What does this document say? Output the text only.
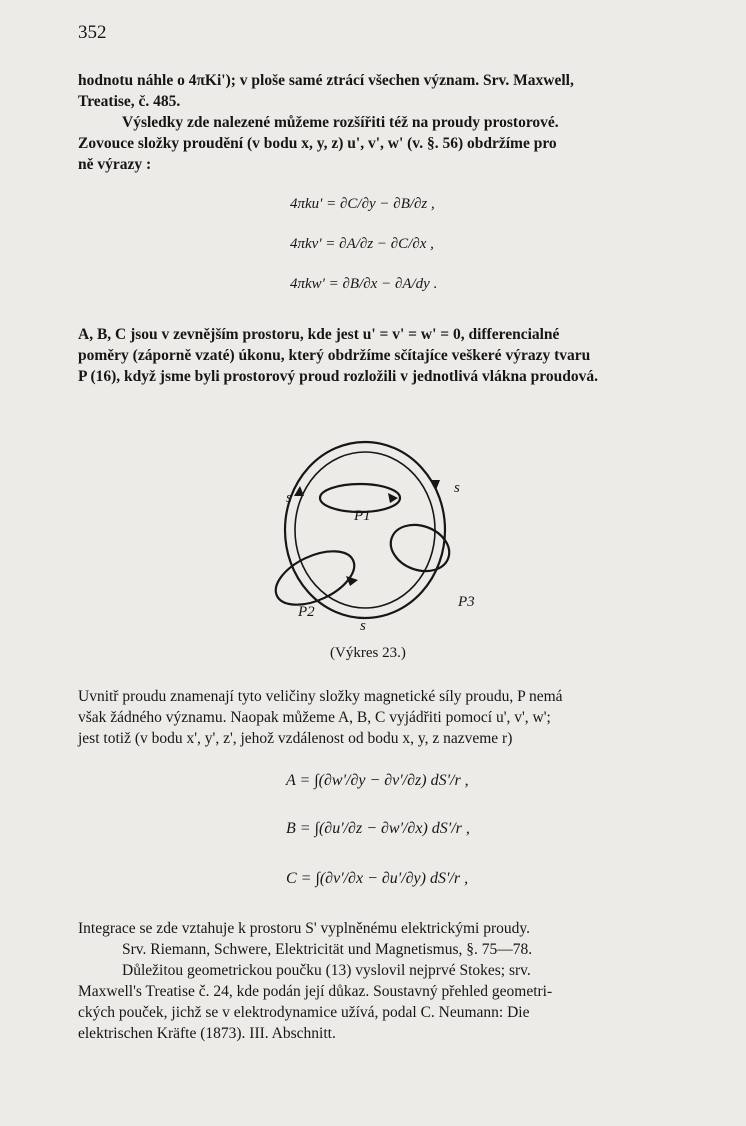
352
hodnotu náhle o 4πKi'); v ploše samé ztrácí všechen význam. Srv. Maxwell,
Treatise, č. 485.
Výsledky zde nalezené můžeme rozšířiti též na proudy prostorové.
Zovouce složky proudění (v bodu x, y, z) u', v', w' (v. §. 56) obdržíme pro
ně výrazy :
4πku' = ∂C/∂y − ∂B/∂z ,
4πkv' = ∂A/∂z − ∂C/∂x ,
4πkw' = ∂B/∂x − ∂A/dy .
A, B, C jsou v zevnějším prostoru, kde jest u' = v' = w' = 0, differencialné
poměry (záporně vzaté) úkonu, který obdržíme sčítajíce veškeré výrazy tvaru
P (16), když jsme byli prostorový proud rozložili v jednotlivá vlákna proudová.
s
s
s
P1
P2
P3
(Výkres 23.)
Uvnitř proudu znamenají tyto veličiny složky magnetické síly proudu, P nemá
však žádného významu. Naopak můžeme A, B, C vyjádřiti pomocí u', v', w';
jest totiž (v bodu x', y', z', jehož vzdálenost od bodu x, y, z nazveme r)
A = ∫(∂w'/∂y − ∂v'/∂z) dS'/r ,
B = ∫(∂u'/∂z − ∂w'/∂x) dS'/r ,
C = ∫(∂v'/∂x − ∂u'/∂y) dS'/r ,
Integrace se zde vztahuje k prostoru S' vyplněnému elektrickými proudy.
Srv. Riemann, Schwere, Elektricität und Magnetismus, §. 75—78.
Důležitou geometrickou poučku (13) vyslovil nejprvé Stokes; srv.
Maxwell's Treatise č. 24, kde podán její důkaz. Soustavný přehled geometri-
ckých pouček, jichž se v elektrodynamice užívá, podal C. Neumann: Die
elektrischen Kräfte (1873). III. Abschnitt.
